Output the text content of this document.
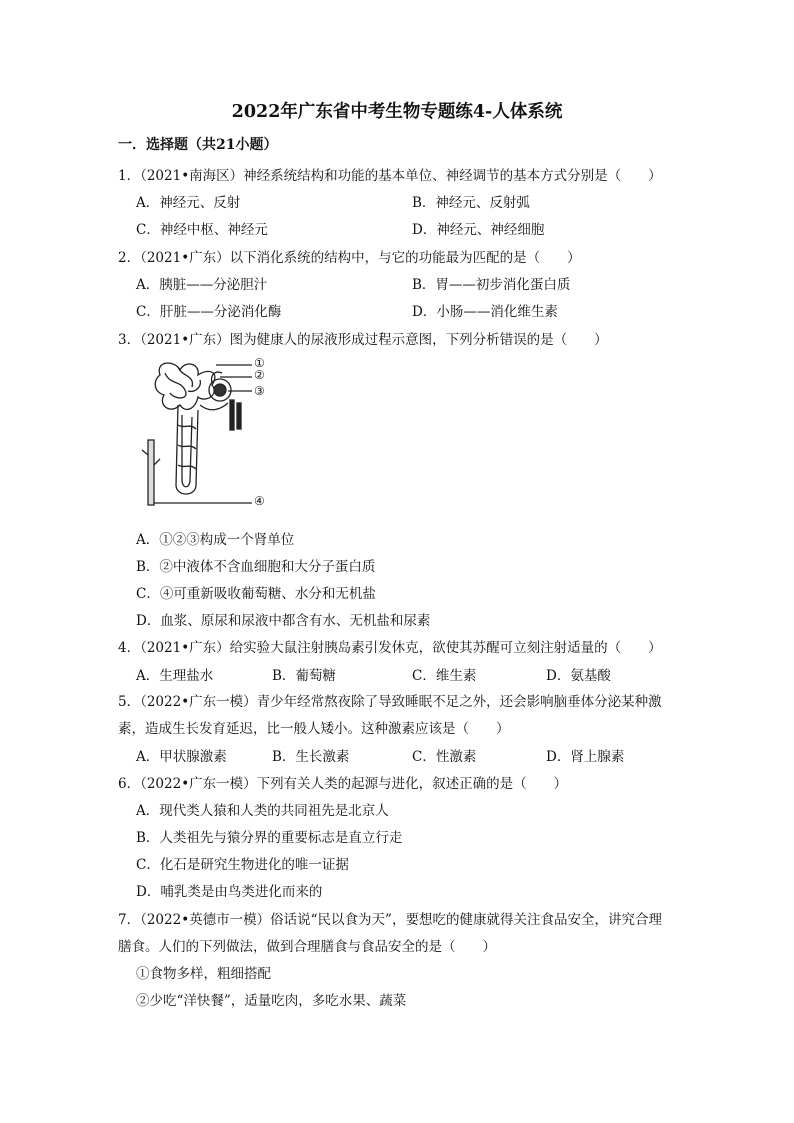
2022年广东省中考生物专题练4-人体系统
一．选择题（共21小题）
1．（2021•南海区）神经系统结构和功能的基本单位、神经调节的基本方式分别是（　　）
A．神经元、反射	B．神经元、反射弧
C．神经中枢、神经元	D．神经元、神经细胞
2．（2021•广东）以下消化系统的结构中，与它的功能最为匹配的是（　　）
A．胰脏——分泌胆汁	B．胃——初步消化蛋白质
C．肝脏——分泌消化酶	D．小肠——消化维生素
3．（2021•广东）图为健康人的尿液形成过程示意图，下列分析错误的是（　　）
①
②
③
④
A．①②③构成一个肾单位
B．②中液体不含血细胞和大分子蛋白质
C．④可重新吸收葡萄糖、水分和无机盐
D．血浆、原尿和尿液中都含有水、无机盐和尿素
4．（2021•广东）给实验大鼠注射胰岛素引发休克，欲使其苏醒可立刻注射适量的（　　）
A．生理盐水	B．葡萄糖	C．维生素	D．氨基酸
5．（2022•广东一模）青少年经常熬夜除了导致睡眠不足之外，还会影响脑垂体分泌某种激
素，造成生长发育延迟，比一般人矮小。这种激素应该是（　　）
A．甲状腺激素	B．生长激素	C．性激素	D．肾上腺素
6．（2022•广东一模）下列有关人类的起源与进化，叙述正确的是（　　）
A．现代类人猿和人类的共同祖先是北京人
B．人类祖先与猿分界的重要标志是直立行走
C．化石是研究生物进化的唯一证据
D．哺乳类是由鸟类进化而来的
7．（2022•英德市一模）俗话说“民以食为天”，要想吃的健康就得关注食品安全，讲究合理
膳食。人们的下列做法，做到合理膳食与食品安全的是（　　）
①食物多样，粗细搭配
②少吃“洋快餐”，适量吃肉，多吃水果、蔬菜
